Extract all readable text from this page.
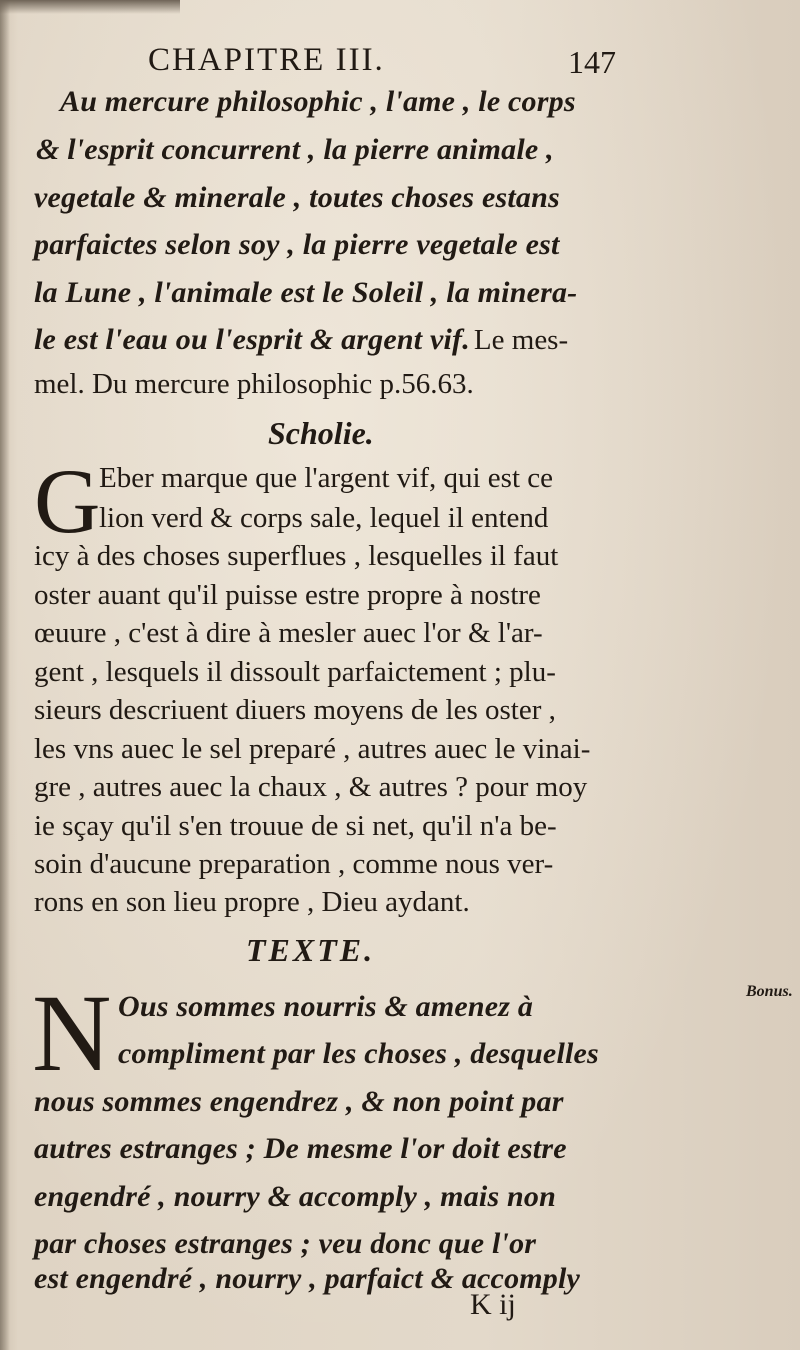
CHAPITRE III.	147
Au mercure philosophic , l'ame , le corps
& l'esprit concurrent , la pierre animale ,
vegetale & minerale , toutes choses estans
parfaictes selon soy , la pierre vegetale est
la Lune , l'animale est le Soleil , la minera-
le est l'eau ou l'esprit & argent vif. Le mes-
mel. Du mercure philosophic p.56.63.
Scholie.
G
Eber marque que l'argent vif, qui est ce
lion verd & corps sale, lequel il entend
icy à des choses superflues , lesquelles il faut
oster auant qu'il puisse estre propre à nostre
œuure , c'est à dire à mesler auec l'or & l'ar-
gent , lesquels il dissoult parfaictement ; plu-
sieurs descriuent diuers moyens de les oster ,
les vns auec le sel preparé , autres auec le vinai-
gre , autres auec la chaux , & autres ? pour moy
ie sçay qu'il s'en trouue de si net, qu'il n'a be-
soin d'aucune preparation , comme nous ver-
rons en son lieu propre , Dieu aydant.
TEXTE.
N	Bonus.
Ous sommes nourris & amenez à
compliment par les choses , desquelles
nous sommes engendrez , & non point par
autres estranges ; De mesme l'or doit estre
engendré , nourry & accomply , mais non
par choses estranges ; veu donc que l'or
est engendré , nourry , parfaict & accomply
K ij
